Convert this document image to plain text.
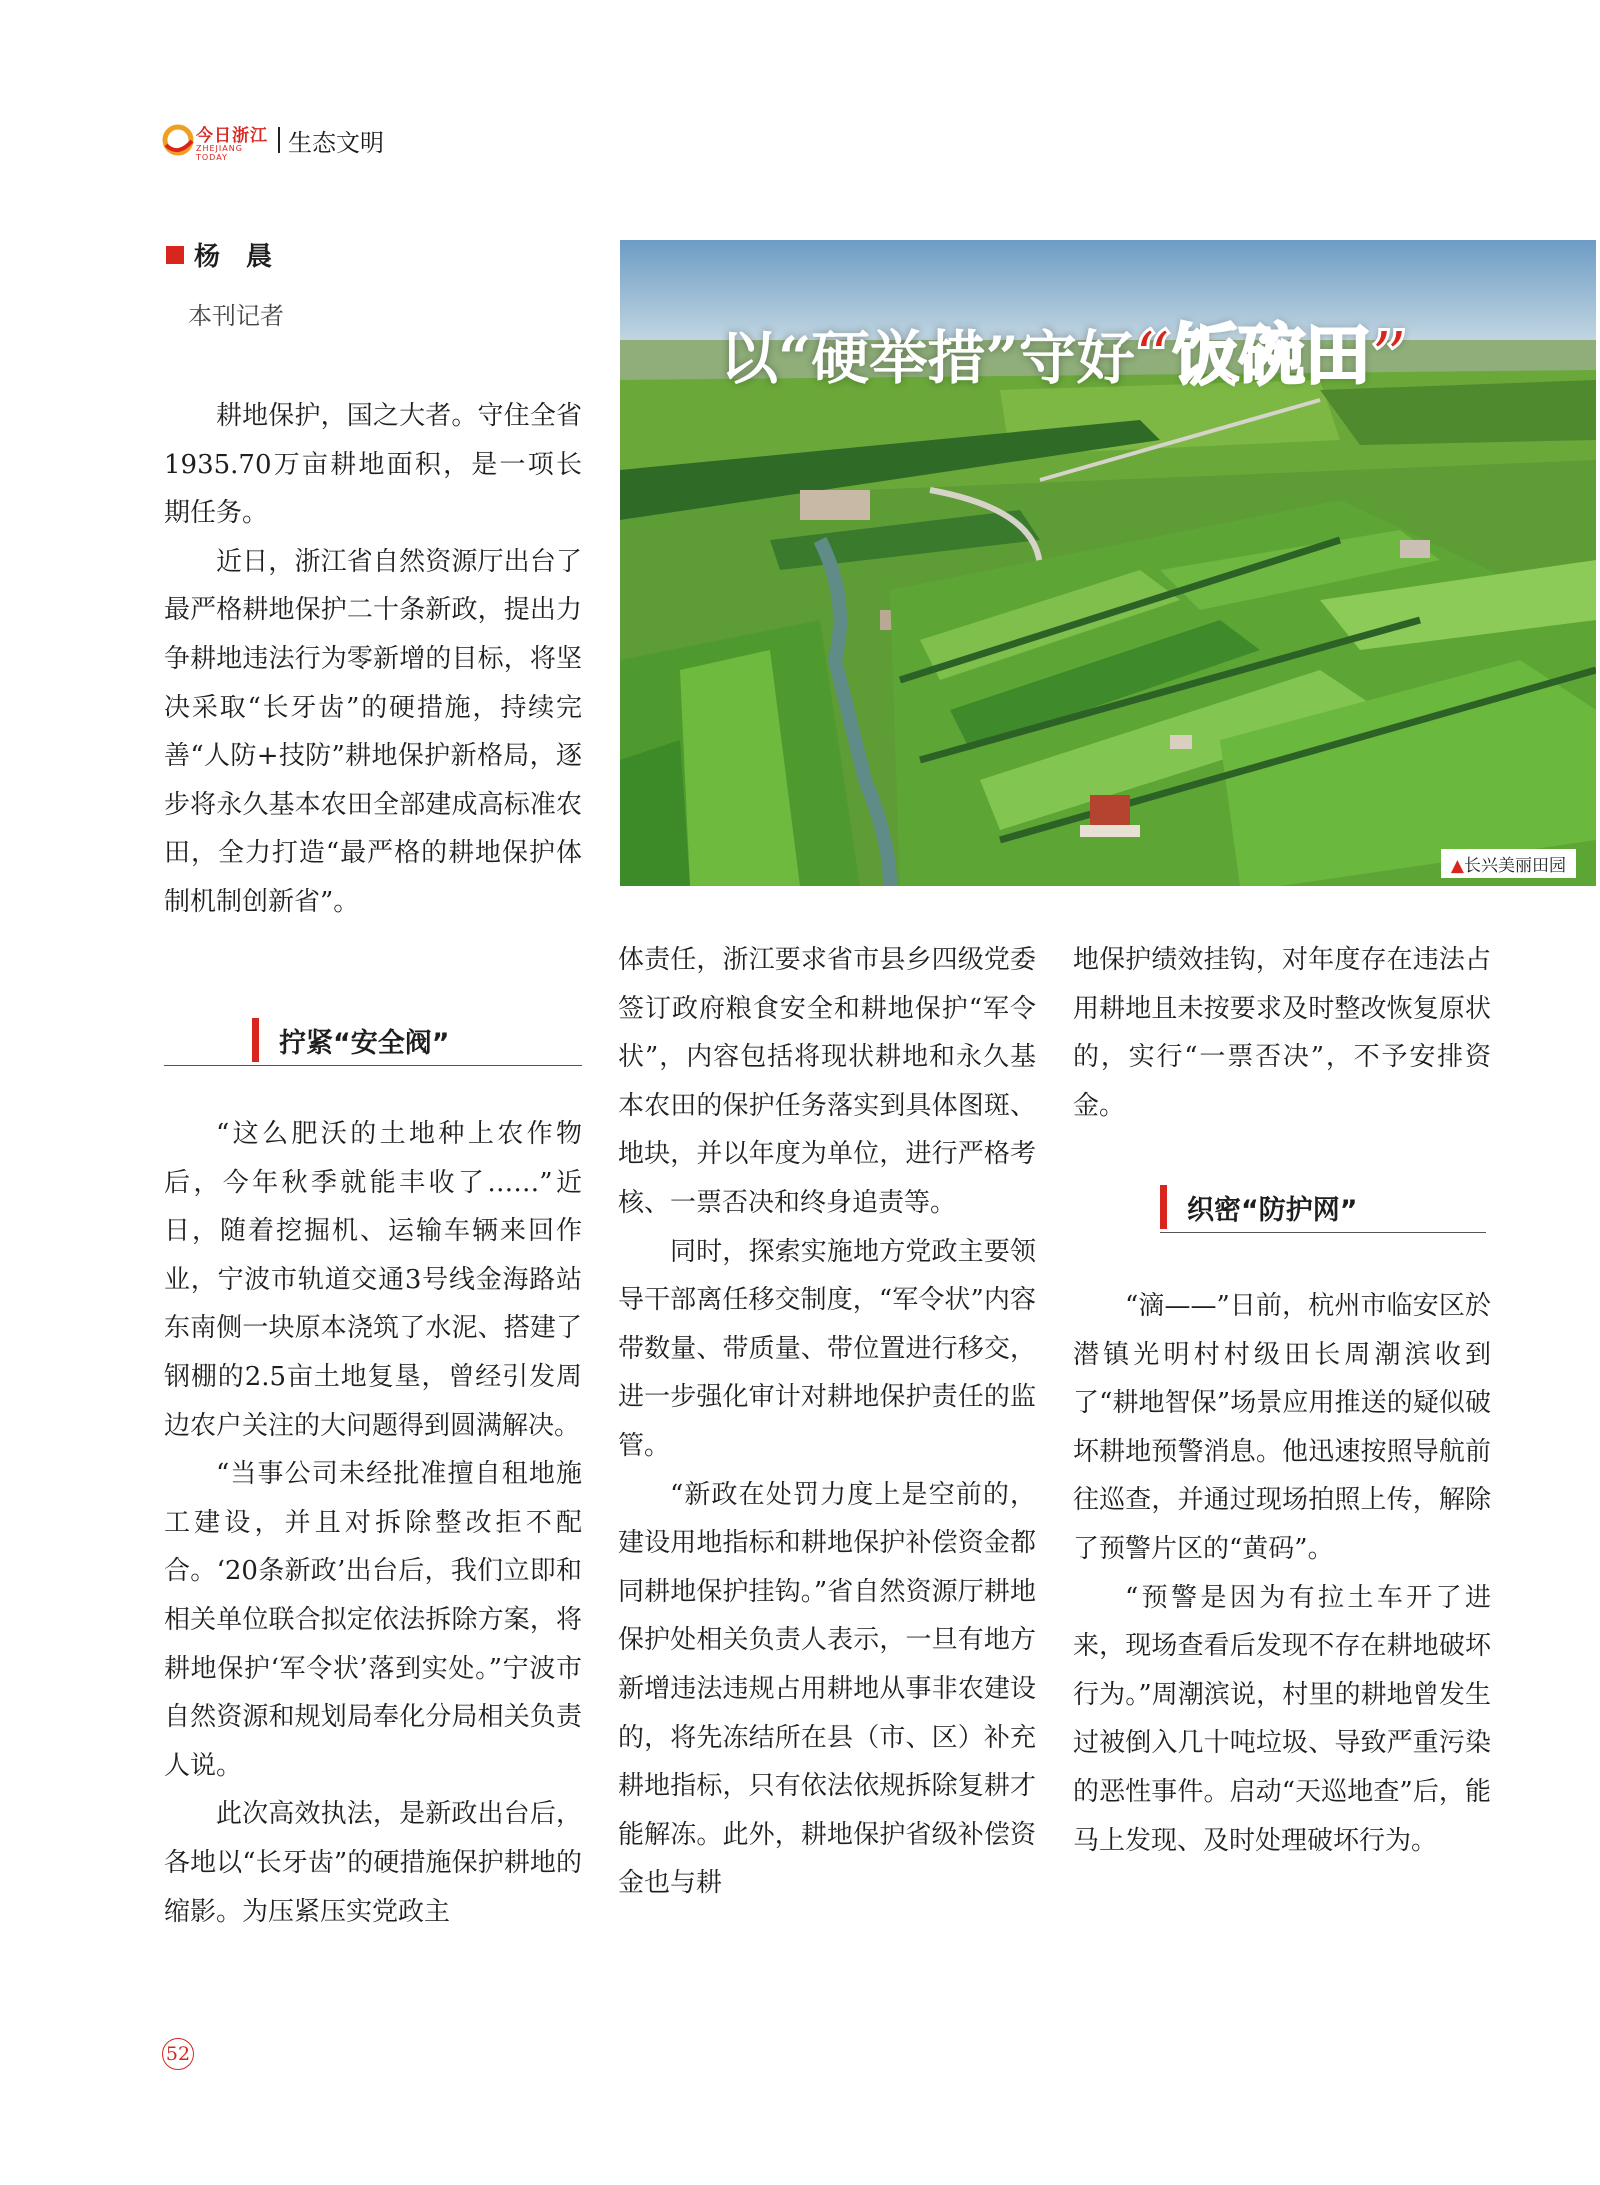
今日浙江
ZHEJIANG TODAY
生态文明
杨　晨
本刊记者
以“硬举措”守好“饭碗田”
▲长兴美丽田园

耕地保护，国之大者。守住全省1935.70万亩耕地面积，是一项长期任务。

近日，浙江省自然资源厅出台了最严格耕地保护二十条新政，提出力争耕地违法行为零新增的目标，将坚决采取“长牙齿”的硬措施，持续完善“人防+技防”耕地保护新格局，逐步将永久基本农田全部建成高标准农田，全力打造“最严格的耕地保护体制机制创新省”。

拧紧“安全阀”

“这么肥沃的土地种上农作物后，今年秋季就能丰收了……”近日，随着挖掘机、运输车辆来回作业，宁波市轨道交通3号线金海路站东南侧一块原本浇筑了水泥、搭建了钢棚的2.5亩土地复垦，曾经引发周边农户关注的大问题得到圆满解决。

“当事公司未经批准擅自租地施工建设，并且对拆除整改拒不配合。‘20条新政’出台后，我们立即和相关单位联合拟定依法拆除方案，将耕地保护‘军令状’落到实处。”宁波市自然资源和规划局奉化分局相关负责人说。

此次高效执法，是新政出台后，各地以“长牙齿”的硬措施保护耕地的缩影。为压紧压实党政主

体责任，浙江要求省市县乡四级党委签订政府粮食安全和耕地保护“军令状”，内容包括将现状耕地和永久基本农田的保护任务落实到具体图斑、地块，并以年度为单位，进行严格考核、一票否决和终身追责等。

同时，探索实施地方党政主要领导干部离任移交制度，“军令状”内容带数量、带质量、带位置进行移交，进一步强化审计对耕地保护责任的监管。

“新政在处罚力度上是空前的，建设用地指标和耕地保护补偿资金都同耕地保护挂钩。”省自然资源厅耕地保护处相关负责人表示，一旦有地方新增违法违规占用耕地从事非农建设的，将先冻结所在县（市、区）补充耕地指标，只有依法依规拆除复耕才能解冻。此外，耕地保护省级补偿资金也与耕

地保护绩效挂钩，对年度存在违法占用耕地且未按要求及时整改恢复原状的，实行“一票否决”，不予安排资金。

织密“防护网”

“滴——”日前，杭州市临安区於潜镇光明村村级田长周潮滨收到了“耕地智保”场景应用推送的疑似破坏耕地预警消息。他迅速按照导航前往巡查，并通过现场拍照上传，解除了预警片区的“黄码”。

“预警是因为有拉土车开了进来，现场查看后发现不存在耕地破坏行为。”周潮滨说，村里的耕地曾发生过被倒入几十吨垃圾、导致严重污染的恶性事件。启动“天巡地查”后，能马上发现、及时处理破坏行为。

52
